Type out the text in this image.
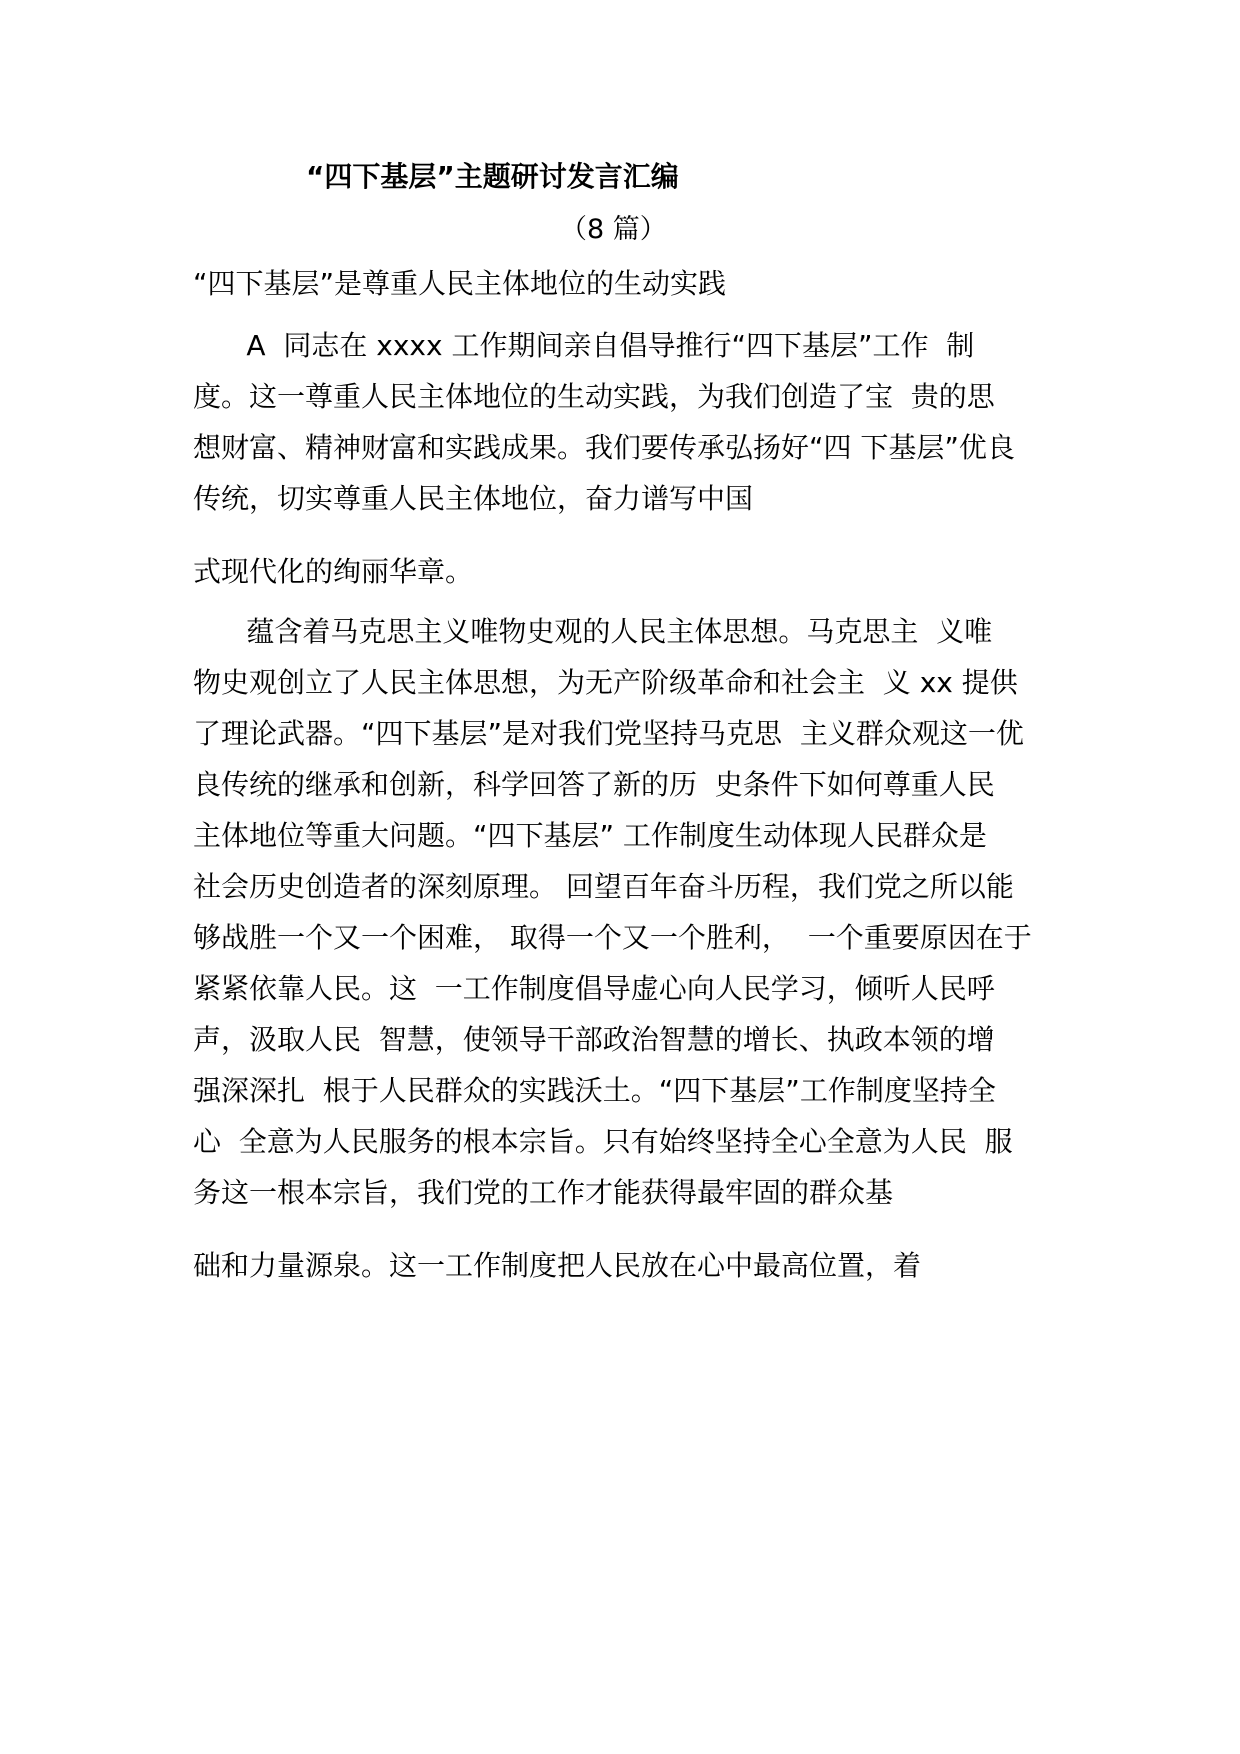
“四下基层”主题研讨发言汇编
（8 篇）
“四下基层”是尊重人民主体地位的生动实践
A  同志在 xxxx 工作期间亲自倡导推行“四下基层”工作  制
度。这一尊重人民主体地位的生动实践，为我们创造了宝  贵的思
想财富、精神财富和实践成果。我们要传承弘扬好“四 下基层”优良
传统，切实尊重人民主体地位，奋力谱写中国
式现代化的绚丽华章。
蕴含着马克思主义唯物史观的人民主体思想。马克思主  义唯
物史观创立了人民主体思想，为无产阶级革命和社会主  义 xx 提供
了理论武器。“四下基层”是对我们党坚持马克思  主义群众观这一优
良传统的继承和创新，科学回答了新的历  史条件下如何尊重人民
主体地位等重大问题。“四下基层” 工作制度生动体现人民群众是
社会历史创造者的深刻原理。 回望百年奋斗历程，我们党之所以能
够战胜一个又一个困难， 取得一个又一个胜利，  一个重要原因在于
紧紧依靠人民。这  一工作制度倡导虚心向人民学习，倾听人民呼
声，汲取人民  智慧，使领导干部政治智慧的增长、执政本领的增
强深深扎  根于人民群众的实践沃土。“四下基层”工作制度坚持全
心  全意为人民服务的根本宗旨。只有始终坚持全心全意为人民  服
务这一根本宗旨，我们党的工作才能获得最牢固的群众基
础和力量源泉。这一工作制度把人民放在心中最高位置，着
